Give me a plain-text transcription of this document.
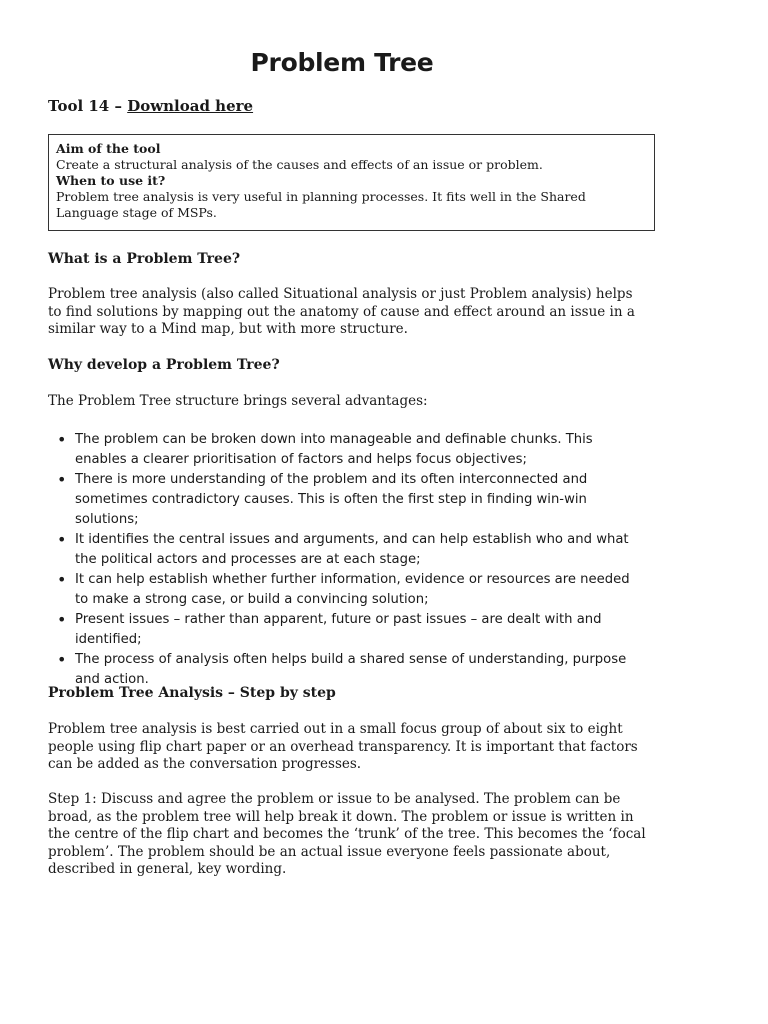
Problem Tree
Tool 14 – Download here
Aim of the tool
Create a structural analysis of the causes and effects of an issue or problem.
When to use it?
Problem tree analysis is very useful in planning processes. It fits well in the Shared Language stage of MSPs.
What is a Problem Tree?
Problem tree analysis (also called Situational analysis or just Problem analysis) helps to find solutions by mapping out the anatomy of cause and effect around an issue in a similar way to a Mind map, but with more structure.
Why develop a Problem Tree?
The Problem Tree structure brings several advantages:
• The problem can be broken down into manageable and definable chunks. This enables a clearer prioritisation of factors and helps focus objectives;
• There is more understanding of the problem and its often interconnected and sometimes contradictory causes. This is often the first step in finding win-win solutions;
• It identifies the central issues and arguments, and can help establish who and what the political actors and processes are at each stage;
• It can help establish whether further information, evidence or resources are needed to make a strong case, or build a convincing solution;
• Present issues – rather than apparent, future or past issues – are dealt with and identified;
• The process of analysis often helps build a shared sense of understanding, purpose and action.
Problem Tree Analysis – Step by step
Problem tree analysis is best carried out in a small focus group of about six to eight people using flip chart paper or an overhead transparency. It is important that factors can be added as the conversation progresses.
Step 1: Discuss and agree the problem or issue to be analysed. The problem can be broad, as the problem tree will help break it down. The problem or issue is written in the centre of the flip chart and becomes the ‘trunk’ of the tree. This becomes the ‘focal problem’. The problem should be an actual issue everyone feels passionate about, described in general, key wording.
